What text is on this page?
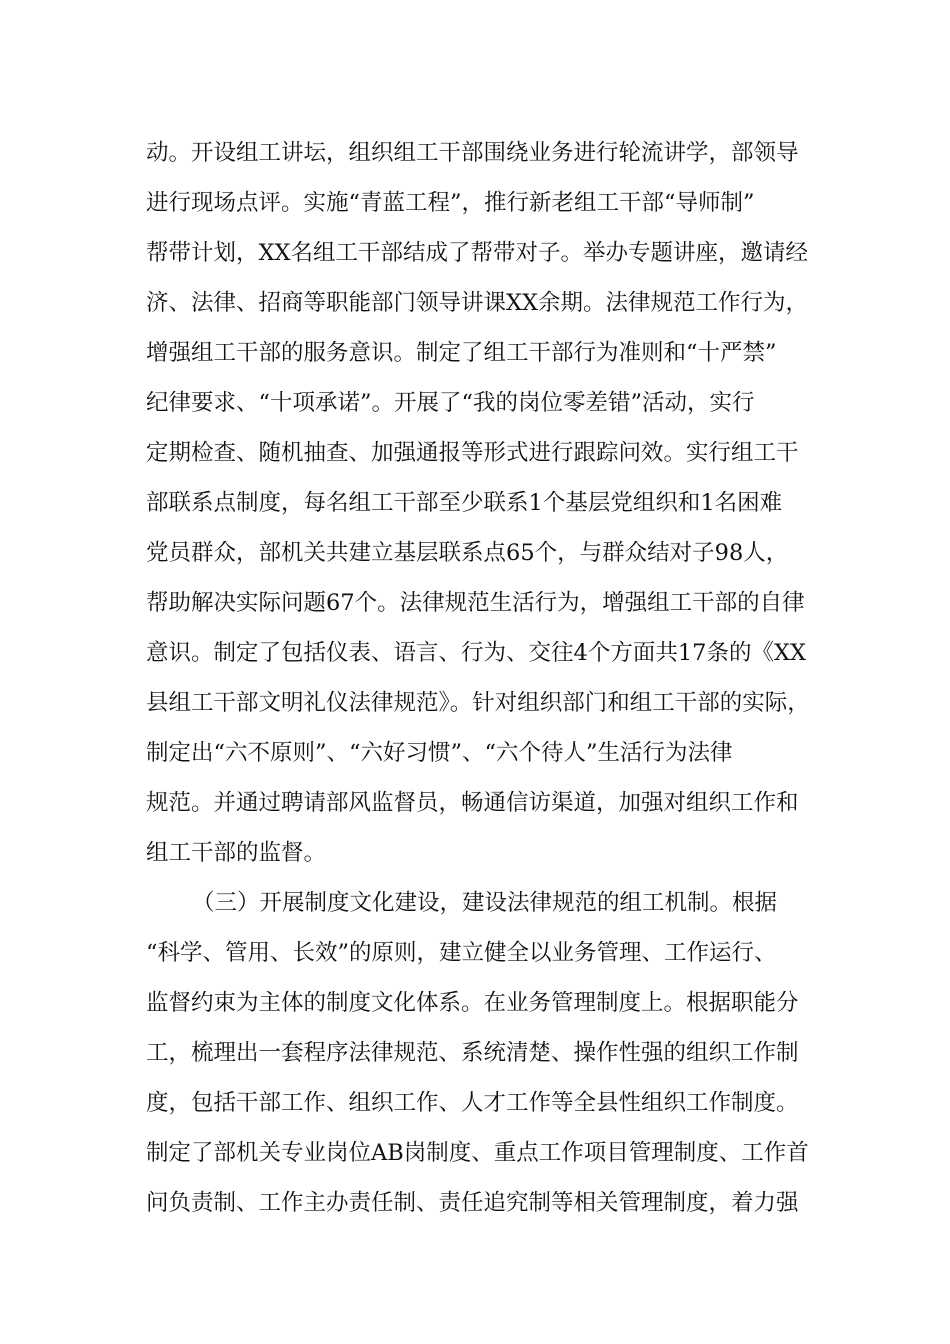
动。开设组工讲坛，组织组工干部围绕业务进行轮流讲学，部领导
进行现场点评。实施“青蓝工程”，推行新老组工干部“导师制”
帮带计划，XX名组工干部结成了帮带对子。举办专题讲座，邀请经
济、法律、招商等职能部门领导讲课XX余期。法律规范工作行为，
增强组工干部的服务意识。制定了组工干部行为准则和“十严禁”
纪律要求、“十项承诺”。开展了“我的岗位零差错”活动，实行
定期检查、随机抽查、加强通报等形式进行跟踪问效。实行组工干
部联系点制度，每名组工干部至少联系1个基层党组织和1名困难
党员群众，部机关共建立基层联系点65个，与群众结对子98人，
帮助解决实际问题67个。法律规范生活行为，增强组工干部的自律
意识。制定了包括仪表、语言、行为、交往4个方面共17条的《XX
县组工干部文明礼仪法律规范》。针对组织部门和组工干部的实际，
制定出“六不原则”、“六好习惯”、“六个待人”生活行为法律
规范。并通过聘请部风监督员，畅通信访渠道，加强对组织工作和
组工干部的监督。
（三）开展制度文化建设，建设法律规范的组工机制。根据
“科学、管用、长效”的原则，建立健全以业务管理、工作运行、
监督约束为主体的制度文化体系。在业务管理制度上。根据职能分
工，梳理出一套程序法律规范、系统清楚、操作性强的组织工作制
度，包括干部工作、组织工作、人才工作等全县性组织工作制度。
制定了部机关专业岗位AB岗制度、重点工作项目管理制度、工作首
问负责制、工作主办责任制、责任追究制等相关管理制度，着力强
